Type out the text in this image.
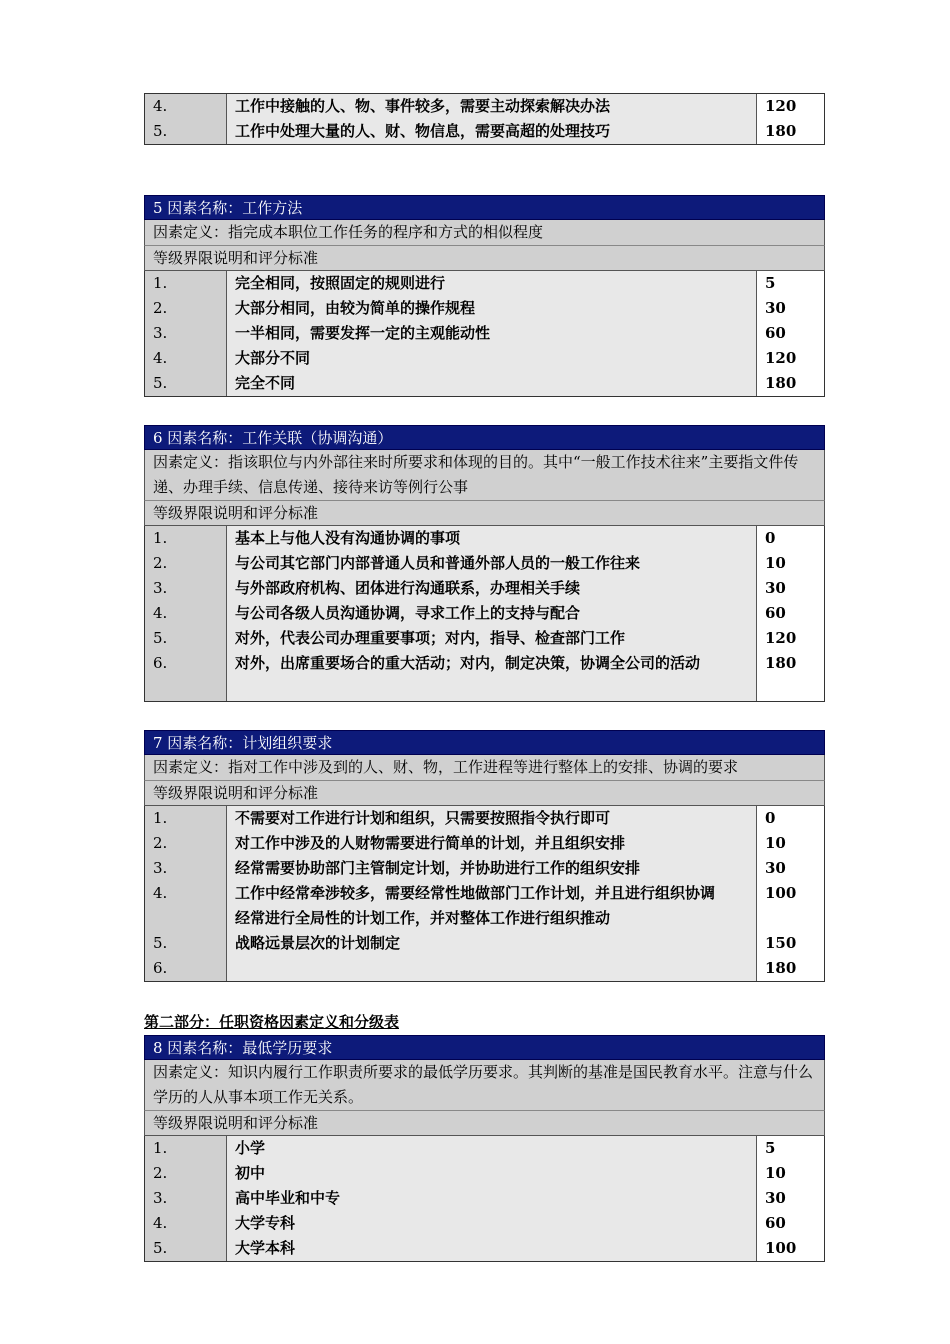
4.
5.
工作中接触的人、物、事件较多，需要主动探索解决办法
工作中处理大量的人、财、物信息，需要高超的处理技巧
120
180
5 因素名称：工作方法
因素定义：指完成本职位工作任务的程序和方式的相似程度
等级界限说明和评分标准
1.
2.
3.
4.
5.
完全相同，按照固定的规则进行
大部分相同，由较为简单的操作规程
一半相同，需要发挥一定的主观能动性
大部分不同
完全不同
5
30
60
120
180
6 因素名称：工作关联（协调沟通）
因素定义：指该职位与内外部往来时所要求和体现的目的。其中“一般工作技术往来”主要指文件传递、办理手续、信息传递、接待来访等例行公事
等级界限说明和评分标准
1.
2.
3.
4.
5.
6.
基本上与他人没有沟通协调的事项
与公司其它部门内部普通人员和普通外部人员的一般工作往来
与外部政府机构、团体进行沟通联系，办理相关手续
与公司各级人员沟通协调，寻求工作上的支持与配合
对外，代表公司办理重要事项；对内，指导、检查部门工作
对外，出席重要场合的重大活动；对内，制定决策，协调全公司的活动
0
10
30
60
120
180
7 因素名称：计划组织要求
因素定义：指对工作中涉及到的人、财、物，工作进程等进行整体上的安排、协调的要求
等级界限说明和评分标准
1.
2.
3.
4.
5.
6.
不需要对工作进行计划和组织，只需要按照指令执行即可
对工作中涉及的人财物需要进行简单的计划，并且组织安排
经常需要协助部门主管制定计划，并协助进行工作的组织安排
工作中经常牵涉较多，需要经常性地做部门工作计划，并且进行组织协调
经常进行全局性的计划工作，并对整体工作进行组织推动
战略远景层次的计划制定
0
10
30
100
150
180
第二部分：任职资格因素定义和分级表
8 因素名称：最低学历要求
因素定义：知识内履行工作职责所要求的最低学历要求。其判断的基准是国民教育水平。注意与什么学历的人从事本项工作无关系。
等级界限说明和评分标准
1.
2.
3.
4.
5.
小学
初中
高中毕业和中专
大学专科
大学本科
5
10
30
60
100
